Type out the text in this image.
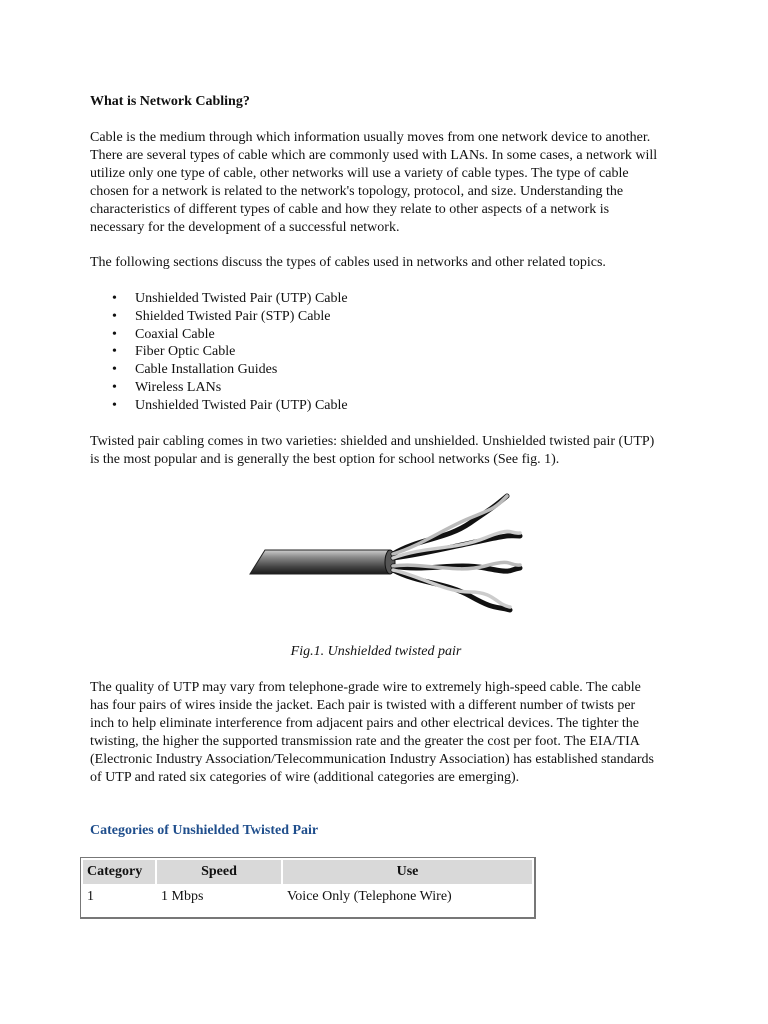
What is Network Cabling?

Cable is the medium through which information usually moves from one network device to another. There are several types of cable which are commonly used with LANs. In some cases, a network will utilize only one type of cable, other networks will use a variety of cable types. The type of cable chosen for a network is related to the network's topology, protocol, and size. Understanding the characteristics of different types of cable and how they relate to other aspects of a network is necessary for the development of a successful network.

The following sections discuss the types of cables used in networks and other related topics.

• Unshielded Twisted Pair (UTP) Cable
• Shielded Twisted Pair (STP) Cable
• Coaxial Cable
• Fiber Optic Cable
• Cable Installation Guides
• Wireless LANs
• Unshielded Twisted Pair (UTP) Cable

Twisted pair cabling comes in two varieties: shielded and unshielded. Unshielded twisted pair (UTP) is the most popular and is generally the best option for school networks (See fig. 1).

Fig.1. Unshielded twisted pair

The quality of UTP may vary from telephone-grade wire to extremely high-speed cable. The cable has four pairs of wires inside the jacket. Each pair is twisted with a different number of twists per inch to help eliminate interference from adjacent pairs and other electrical devices. The tighter the twisting, the higher the supported transmission rate and the greater the cost per foot. The EIA/TIA (Electronic Industry Association/Telecommunication Industry Association) has established standards of UTP and rated six categories of wire (additional categories are emerging).

Categories of Unshielded Twisted Pair
Category	Speed	Use
1	1 Mbps	Voice Only (Telephone Wire)
